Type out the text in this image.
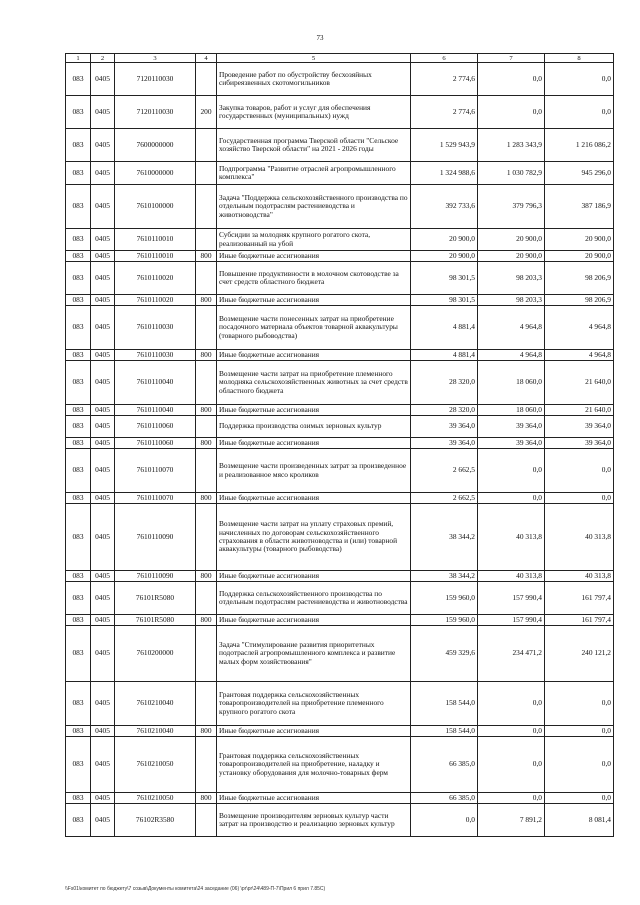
73
1	2	3	4	5	6	7	8
083	0405	7120110030		Проведение работ по обустройству бесхозяйных сибиреязвенных скотомогильников	2 774,6	0,0	0,0
083	0405	7120110030	200	Закупка товаров, работ и услуг для обеспечения государственных (муниципальных) нужд	2 774,6	0,0	0,0
083	0405	7600000000		Государственная программа Тверской области "Сельское хозяйство Тверской области" на 2021 - 2026 годы	1 529 943,9	1 283 343,9	1 216 086,2
083	0405	7610000000		Подпрограмма "Развитие отраслей агропромышленного комплекса"	1 324 988,6	1 030 782,9	945 296,0
083	0405	7610100000		Задача "Поддержка сельскохозяйственного производства по отдельным подотраслям растениеводства и животноводства"	392 733,6	379 796,3	387 186,9
083	0405	7610110010		Субсидии за молодняк крупного рогатого скота, реализованный на убой	20 900,0	20 900,0	20 900,0
083	0405	7610110010	800	Иные бюджетные ассигнования	20 900,0	20 900,0	20 900,0
083	0405	7610110020		Повышение продуктивности в молочном скотоводстве за счет средств областного бюджета	98 301,5	98 203,3	98 206,9
083	0405	7610110020	800	Иные бюджетные ассигнования	98 301,5	98 203,3	98 206,9
083	0405	7610110030		Возмещение части понесенных затрат на приобретение посадочного материала объектов товарной аквакультуры (товарного рыбоводства)	4 881,4	4 964,8	4 964,8
083	0405	7610110030	800	Иные бюджетные ассигнования	4 881,4	4 964,8	4 964,8
083	0405	7610110040		Возмещение части затрат на приобретение племенного молодняка сельскохозяйственных животных за счет средств областного бюджета	28 320,0	18 060,0	21 640,0
083	0405	7610110040	800	Иные бюджетные ассигнования	28 320,0	18 060,0	21 640,0
083	0405	7610110060		Поддержка производства озимых зерновых культур	39 364,0	39 364,0	39 364,0
083	0405	7610110060	800	Иные бюджетные ассигнования	39 364,0	39 364,0	39 364,0
083	0405	7610110070		Возмещение части произведенных затрат за произведенное и реализованное мясо кроликов	2 662,5	0,0	0,0
083	0405	7610110070	800	Иные бюджетные ассигнования	2 662,5	0,0	0,0
083	0405	7610110090		Возмещение части затрат на уплату страховых премий, начисленных по договорам сельскохозяйственного страхования в области животноводства и (или) товарной аквакультуры (товарного рыбоводства)	38 344,2	40 313,8	40 313,8
083	0405	7610110090	800	Иные бюджетные ассигнования	38 344,2	40 313,8	40 313,8
083	0405	76101R5080		Поддержка сельскохозяйственного производства по отдельным подотраслям растениеводства и животноводства	159 960,0	157 990,4	161 797,4
083	0405	76101R5080	800	Иные бюджетные ассигнования	159 960,0	157 990,4	161 797,4
083	0405	7610200000		Задача "Стимулирование развития приоритетных подотраслей агропромышленного комплекса и развитие малых форм хозяйствования"	459 329,6	234 471,2	240 121,2
083	0405	7610210040		Грантовая поддержка сельскохозяйственных товаропроизводителей на приобретение племенного крупного рогатого скота	158 544,0	0,0	0,0
083	0405	7610210040	800	Иные бюджетные ассигнования	158 544,0	0,0	0,0
083	0405	7610210050		Грантовая поддержка сельскохозяйственных товаропроизводителей на приобретение, наладку и установку оборудования для молочно-товарных ферм	66 385,0	0,0	0,0
083	0405	7610210050	800	Иные бюджетные ассигнования	66 385,0	0,0	0,0
083	0405	76102R3580		Возмещение производителям зерновых культур части затрат на производство и реализацию зерновых культур	0,0	7 891,2	8 081,4
\\Fs01\комитет по бюджету\7 созыв\Документы комитета\24 заседание (06) \pr\pr\24\489-П-7\Прил 6 прил 7.85С)
